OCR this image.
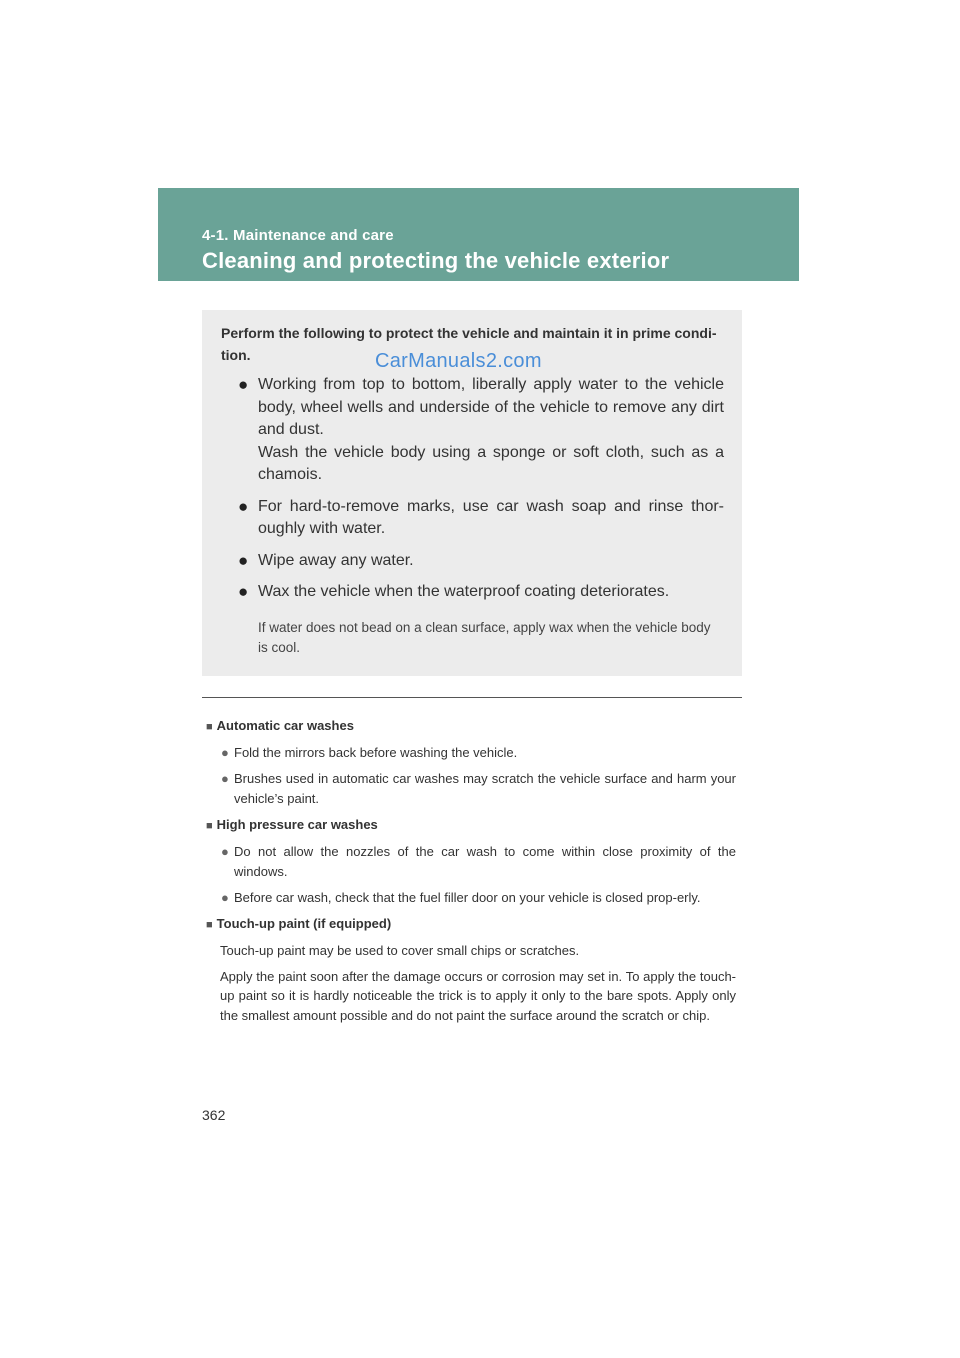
4-1. Maintenance and care
Cleaning and protecting the vehicle exterior
Perform the following to protect the vehicle and maintain it in prime condi-tion.	CarManuals2.com
● Working from top to bottom, liberally apply water to the vehicle body, wheel wells and underside of the vehicle to remove any dirt and dust.
Wash the vehicle body using a sponge or soft cloth, such as a chamois.
● For hard-to-remove marks, use car wash soap and rinse thor-oughly with water.
● Wipe away any water.
● Wax the vehicle when the waterproof coating deteriorates.
If water does not bead on a clean surface, apply wax when the vehicle body is cool.
■ Automatic car washes
● Fold the mirrors back before washing the vehicle.
● Brushes used in automatic car washes may scratch the vehicle surface and harm your vehicle’s paint.
■ High pressure car washes
● Do not allow the nozzles of the car wash to come within close proximity of the windows.
● Before car wash, check that the fuel filler door on your vehicle is closed prop-erly.
■ Touch-up paint (if equipped)
Touch-up paint may be used to cover small chips or scratches.
Apply the paint soon after the damage occurs or corrosion may set in. To apply the touch-up paint so it is hardly noticeable the trick is to apply it only to the bare spots. Apply only the smallest amount possible and do not paint the surface around the scratch or chip.
362
